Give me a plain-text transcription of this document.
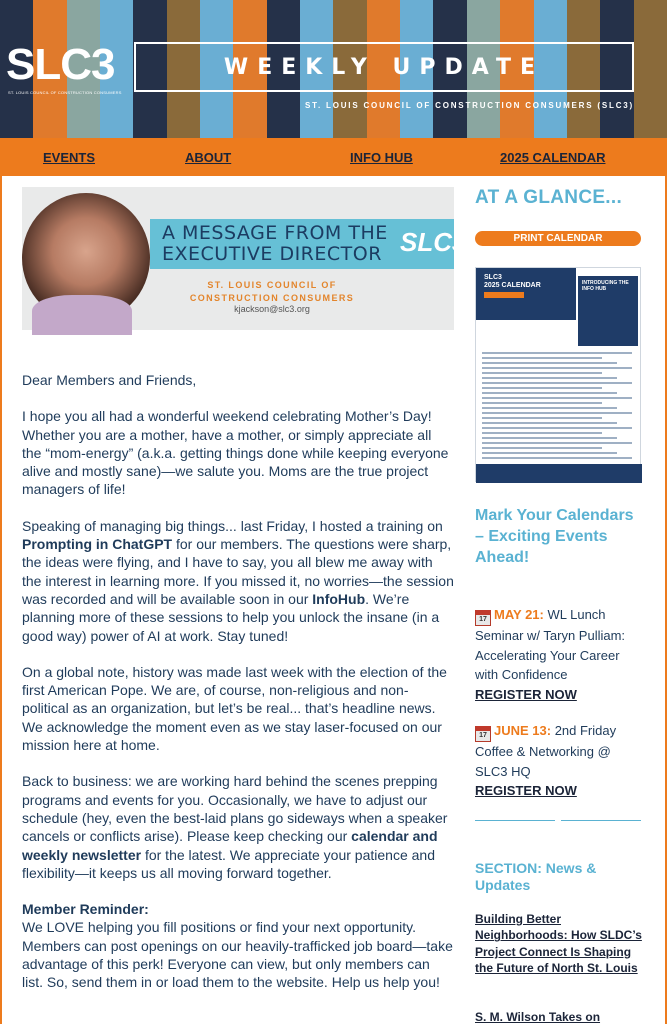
SLC3
ST. LOUIS COUNCIL OF CONSTRUCTION CONSUMERS
WEEKLY UPDATE
ST. LOUIS COUNCIL OF CONSTRUCTION CONSUMERS (SLC3)
EVENTS	ABOUT	INFO HUB	2025 CALENDAR
A MESSAGE FROM THE EXECUTIVE DIRECTOR SLC3
ST. LOUIS COUNCIL OF CONSTRUCTION CONSUMERS
kjackson@slc3.org

Dear Members and Friends,

I hope you all had a wonderful weekend celebrating Mother’s Day! Whether you are a mother, have a mother, or simply appreciate all the “mom-energy” (a.k.a. getting things done while keeping everyone alive and mostly sane)—we salute you. Moms are the true project managers of life!

Speaking of managing big things... last Friday, I hosted a training on Prompting in ChatGPT for our members. The questions were sharp, the ideas were flying, and I have to say, you all blew me away with the interest in learning more. If you missed it, no worries—the session was recorded and will be available soon in our InfoHub. We’re planning more of these sessions to help you unlock the insane (in a good way) power of AI at work. Stay tuned!

On a global note, history was made last week with the election of the first American Pope. We are, of course, non-religious and non-political as an organization, but let’s be real... that’s headline news. We acknowledge the moment even as we stay laser-focused on our mission here at home.

Back to business: we are working hard behind the scenes prepping programs and events for you. Occasionally, we have to adjust our schedule (hey, even the best-laid plans go sideways when a speaker cancels or conflicts arise). Please keep checking our calendar and weekly newsletter for the latest. We appreciate your patience and flexibility—it keeps us all moving forward together.

Member Reminder:
We LOVE helping you fill positions or find your next opportunity. Members can post openings on our heavily-trafficked job board—take advantage of this perk! Everyone can view, but only members can list. So, send them in or load them to the website. Help us help you!
AT A GLANCE...
PRINT CALENDAR
SLC3
2025 CALENDAR	INTRODUCING THE INFO HUB
Mark Your Calendars – Exciting Events Ahead!
17 MAY 21: WL Lunch Seminar w/ Taryn Pulliam: Accelerating Your Career with Confidence
REGISTER NOW
17 JUNE 13: 2nd Friday Coffee & Networking @ SLC3 HQ
REGISTER NOW
SECTION: News & Updates
Building Better Neighborhoods: How SLDC’s Project Connect Is Shaping the Future of North St. Louis
S. M. Wilson Takes on
